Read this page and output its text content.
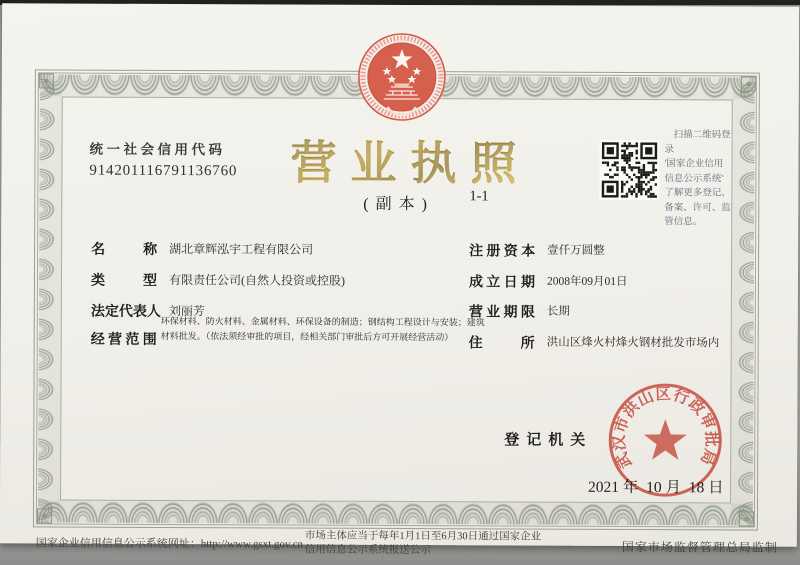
统一社会信用代码
914201116791136760	营业执照
(副本) 1-1
扫描二维码登录
'国家企业信用
信息公示系统'
了解更多登记、
备案、许可、监
管信息。
名称 湖北章辉泓宇工程有限公司
类型 有限责任公司(自然人投资或控股)
法定代表人 刘丽芳
经营范围
环保材料、防火材料、金属材料、环保设备的制造；钢结构工程设计与安装；建筑材料批发。（依法须经审批的项目，经相关部门审批后方可开展经营活动）
注册资本 壹仟万圆整
成立日期 2008年09月01日
营业期限 长期
住所 洪山区烽火村烽火钢材批发市场内
登记机关
武汉市洪山区行政审批局
2021 年  10 月  18 日
国家企业信用信息公示系统网址：http://www.gsxt.gov.cn
市场主体应当于每年1月1日至6月30日通过国家企业信用信息公示系统报送公示	国家市场监督管理总局监制
